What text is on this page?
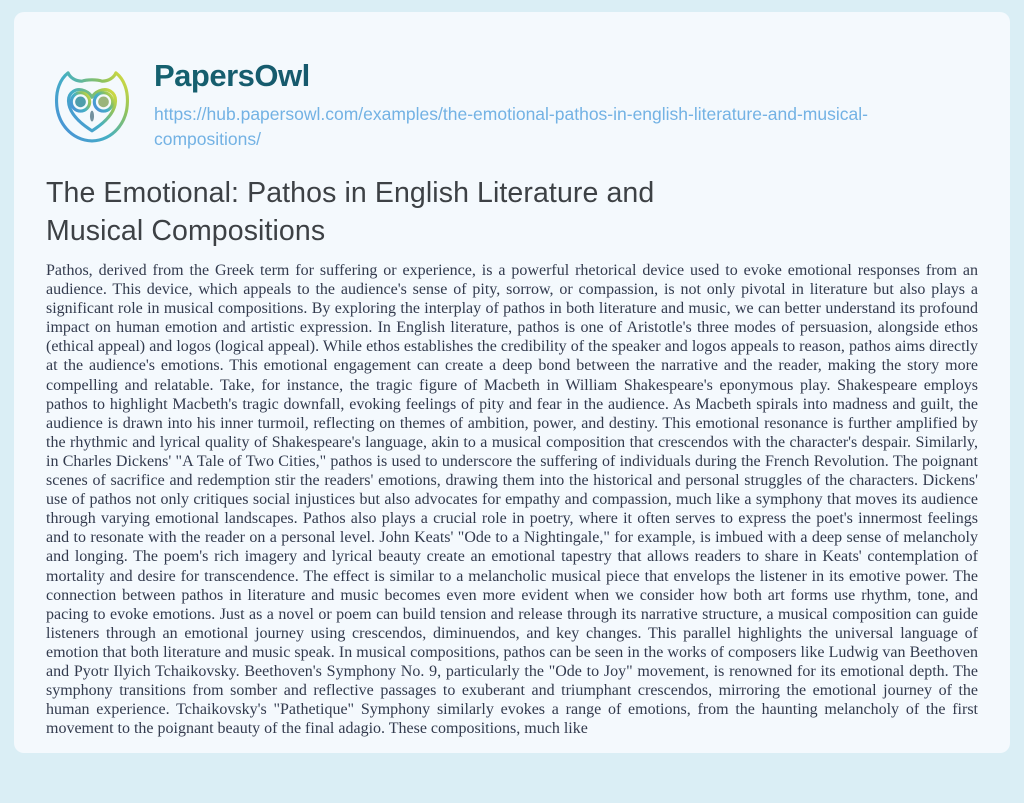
PapersOwl
https://hub.papersowl.com/examples/the-emotional-pathos-in-english-literature-and-musical-compositions/
The Emotional: Pathos in English Literature and Musical Compositions
Pathos, derived from the Greek term for suffering or experience, is a powerful rhetorical device used to evoke emotional responses from an audience. This device, which appeals to the audience's sense of pity, sorrow, or compassion, is not only pivotal in literature but also plays a significant role in musical compositions. By exploring the interplay of pathos in both literature and music, we can better understand its profound impact on human emotion and artistic expression. In English literature, pathos is one of Aristotle's three modes of persuasion, alongside ethos (ethical appeal) and logos (logical appeal). While ethos establishes the credibility of the speaker and logos appeals to reason, pathos aims directly at the audience's emotions. This emotional engagement can create a deep bond between the narrative and the reader, making the story more compelling and relatable. Take, for instance, the tragic figure of Macbeth in William Shakespeare's eponymous play. Shakespeare employs pathos to highlight Macbeth's tragic downfall, evoking feelings of pity and fear in the audience. As Macbeth spirals into madness and guilt, the audience is drawn into his inner turmoil, reflecting on themes of ambition, power, and destiny. This emotional resonance is further amplified by the rhythmic and lyrical quality of Shakespeare's language, akin to a musical composition that crescendos with the character's despair. Similarly, in Charles Dickens' "A Tale of Two Cities," pathos is used to underscore the suffering of individuals during the French Revolution. The poignant scenes of sacrifice and redemption stir the readers' emotions, drawing them into the historical and personal struggles of the characters. Dickens' use of pathos not only critiques social injustices but also advocates for empathy and compassion, much like a symphony that moves its audience through varying emotional landscapes. Pathos also plays a crucial role in poetry, where it often serves to express the poet's innermost feelings and to resonate with the reader on a personal level. John Keats' "Ode to a Nightingale," for example, is imbued with a deep sense of melancholy and longing. The poem's rich imagery and lyrical beauty create an emotional tapestry that allows readers to share in Keats' contemplation of mortality and desire for transcendence. The effect is similar to a melancholic musical piece that envelops the listener in its emotive power. The connection between pathos in literature and music becomes even more evident when we consider how both art forms use rhythm, tone, and pacing to evoke emotions. Just as a novel or poem can build tension and release through its narrative structure, a musical composition can guide listeners through an emotional journey using crescendos, diminuendos, and key changes. This parallel highlights the universal language of emotion that both literature and music speak. In musical compositions, pathos can be seen in the works of composers like Ludwig van Beethoven and Pyotr Ilyich Tchaikovsky. Beethoven's Symphony No. 9, particularly the "Ode to Joy" movement, is renowned for its emotional depth. The symphony transitions from somber and reflective passages to exuberant and triumphant crescendos, mirroring the emotional journey of the human experience. Tchaikovsky's "Pathetique" Symphony similarly evokes a range of emotions, from the haunting melancholy of the first movement to the poignant beauty of the final adagio. These compositions, much like
